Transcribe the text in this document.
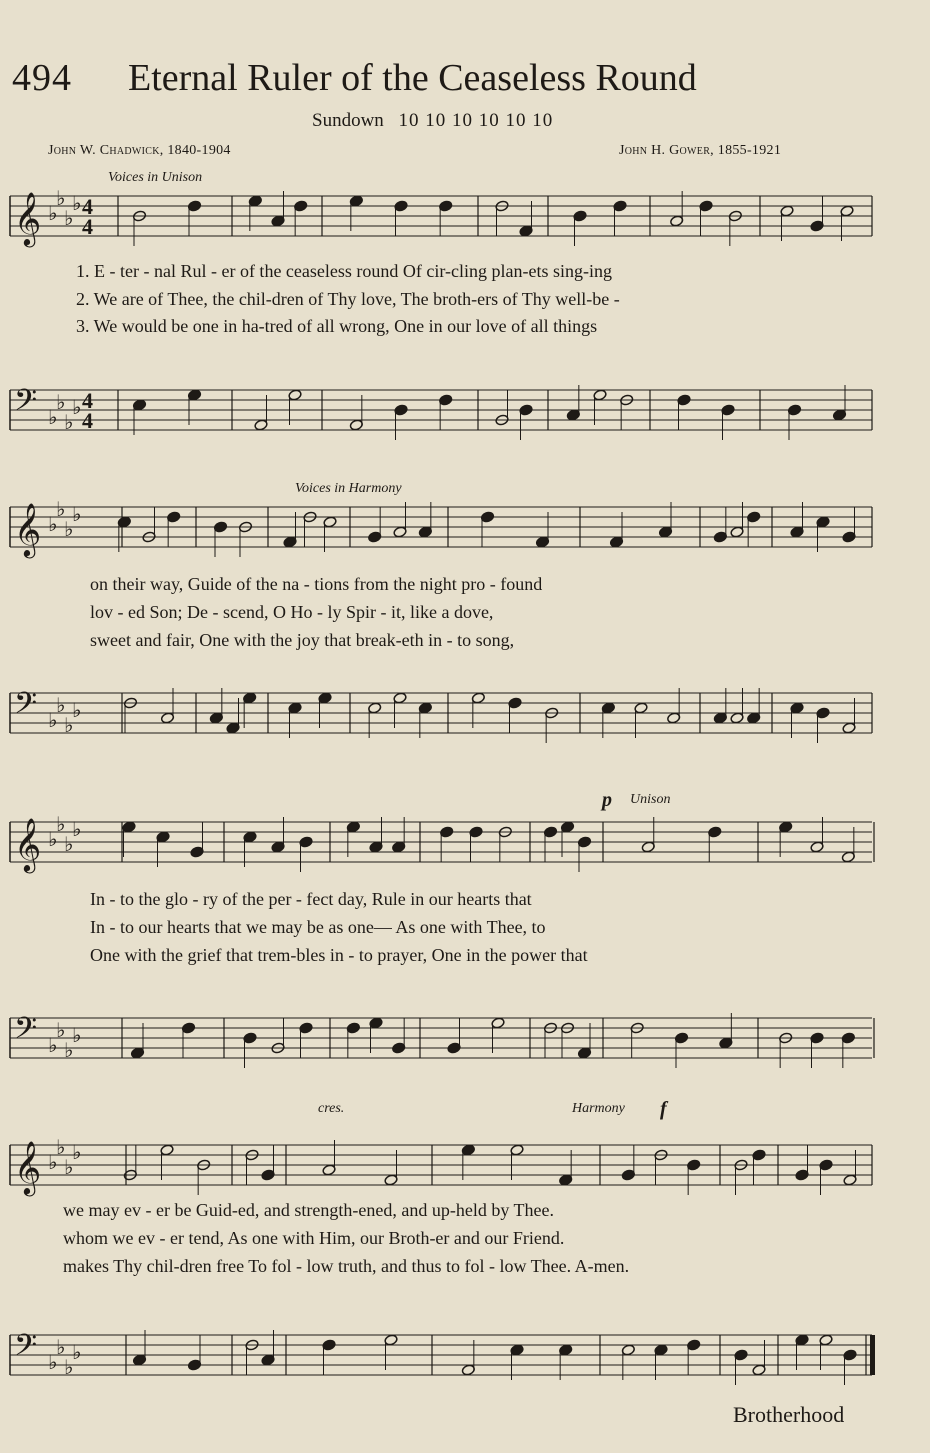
494 Eternal Ruler of the Ceaseless Round
Sundown 10 10 10 10 10 10
John W. Chadwick, 1840-1904	John H. Gower, 1855-1921
Voices in Unison
𝄞 ♭
♭
♭
♭ 4
4
1. E - ter - nal Rul - er of the ceaseless round Of cir-cling plan-ets sing-ing
2. We are of Thee, the chil-dren of Thy love, The broth-ers of Thy well-be -
3. We would be one in ha-tred of all wrong, One in our love of all things
𝄢 ♭
♭
♭
♭ 4
4
Voices in Harmony
𝄞 ♭
♭
♭
♭
on their way, Guide of the na - tions from the night pro - found
lov - ed Son; De - scend, O Ho - ly Spir - it, like a dove,
sweet and fair, One with the joy that break-eth in - to song,
𝄢 ♭
♭
♭
♭
p Unison
𝄞 ♭
♭
♭
♭
In - to the glo - ry of the per - fect day, Rule in our hearts that
In - to our hearts that we may be as one— As one with Thee, to
One with the grief that trem-bles in - to prayer, One in the power that
𝄢 ♭
♭
♭
♭
cres.	Harmony f
𝄞 ♭
♭
♭
♭
we may ev - er be Guid-ed, and strength-ened, and up-held by Thee.
whom we ev - er tend, As one with Him, our Broth-er and our Friend.
makes Thy chil-dren free To fol - low truth, and thus to fol - low Thee. A-men.
𝄢 ♭
♭
♭
♭
Brotherhood
